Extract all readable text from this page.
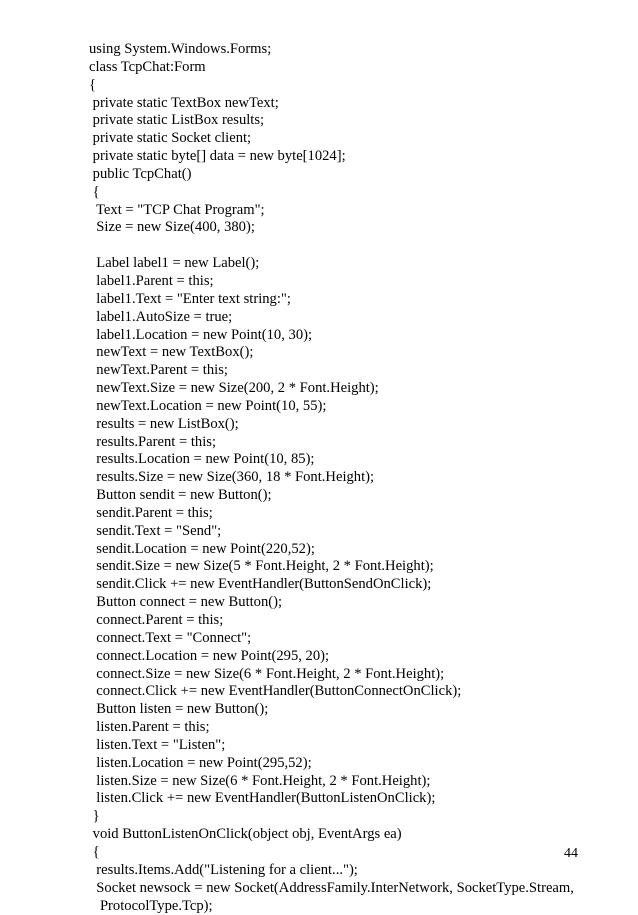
using System.Windows.Forms;
class TcpChat:Form
{
private static TextBox newText;
private static ListBox results;
private static Socket client;
private static byte[] data = new byte[1024];
public TcpChat()
{
Text = "TCP Chat Program";
Size = new Size(400, 380);
Label label1 = new Label();
label1.Parent = this;
label1.Text = "Enter text string:";
label1.AutoSize = true;
label1.Location = new Point(10, 30);
newText = new TextBox();
newText.Parent = this;
newText.Size = new Size(200, 2 * Font.Height);
newText.Location = new Point(10, 55);
results = new ListBox();
results.Parent = this;
results.Location = new Point(10, 85);
results.Size = new Size(360, 18 * Font.Height);
Button sendit = new Button();
sendit.Parent = this;
sendit.Text = "Send";
sendit.Location = new Point(220,52);
sendit.Size = new Size(5 * Font.Height, 2 * Font.Height);
sendit.Click += new EventHandler(ButtonSendOnClick);
Button connect = new Button();
connect.Parent = this;
connect.Text = "Connect";
connect.Location = new Point(295, 20);
connect.Size = new Size(6 * Font.Height, 2 * Font.Height);
connect.Click += new EventHandler(ButtonConnectOnClick);
Button listen = new Button();
listen.Parent = this;
listen.Text = "Listen";
listen.Location = new Point(295,52);
listen.Size = new Size(6 * Font.Height, 2 * Font.Height);
listen.Click += new EventHandler(ButtonListenOnClick);
}
void ButtonListenOnClick(object obj, EventArgs ea)
{
results.Items.Add("Listening for a client...");
Socket newsock = new Socket(AddressFamily.InterNetwork, SocketType.Stream,
ProtocolType.Tcp);
44
